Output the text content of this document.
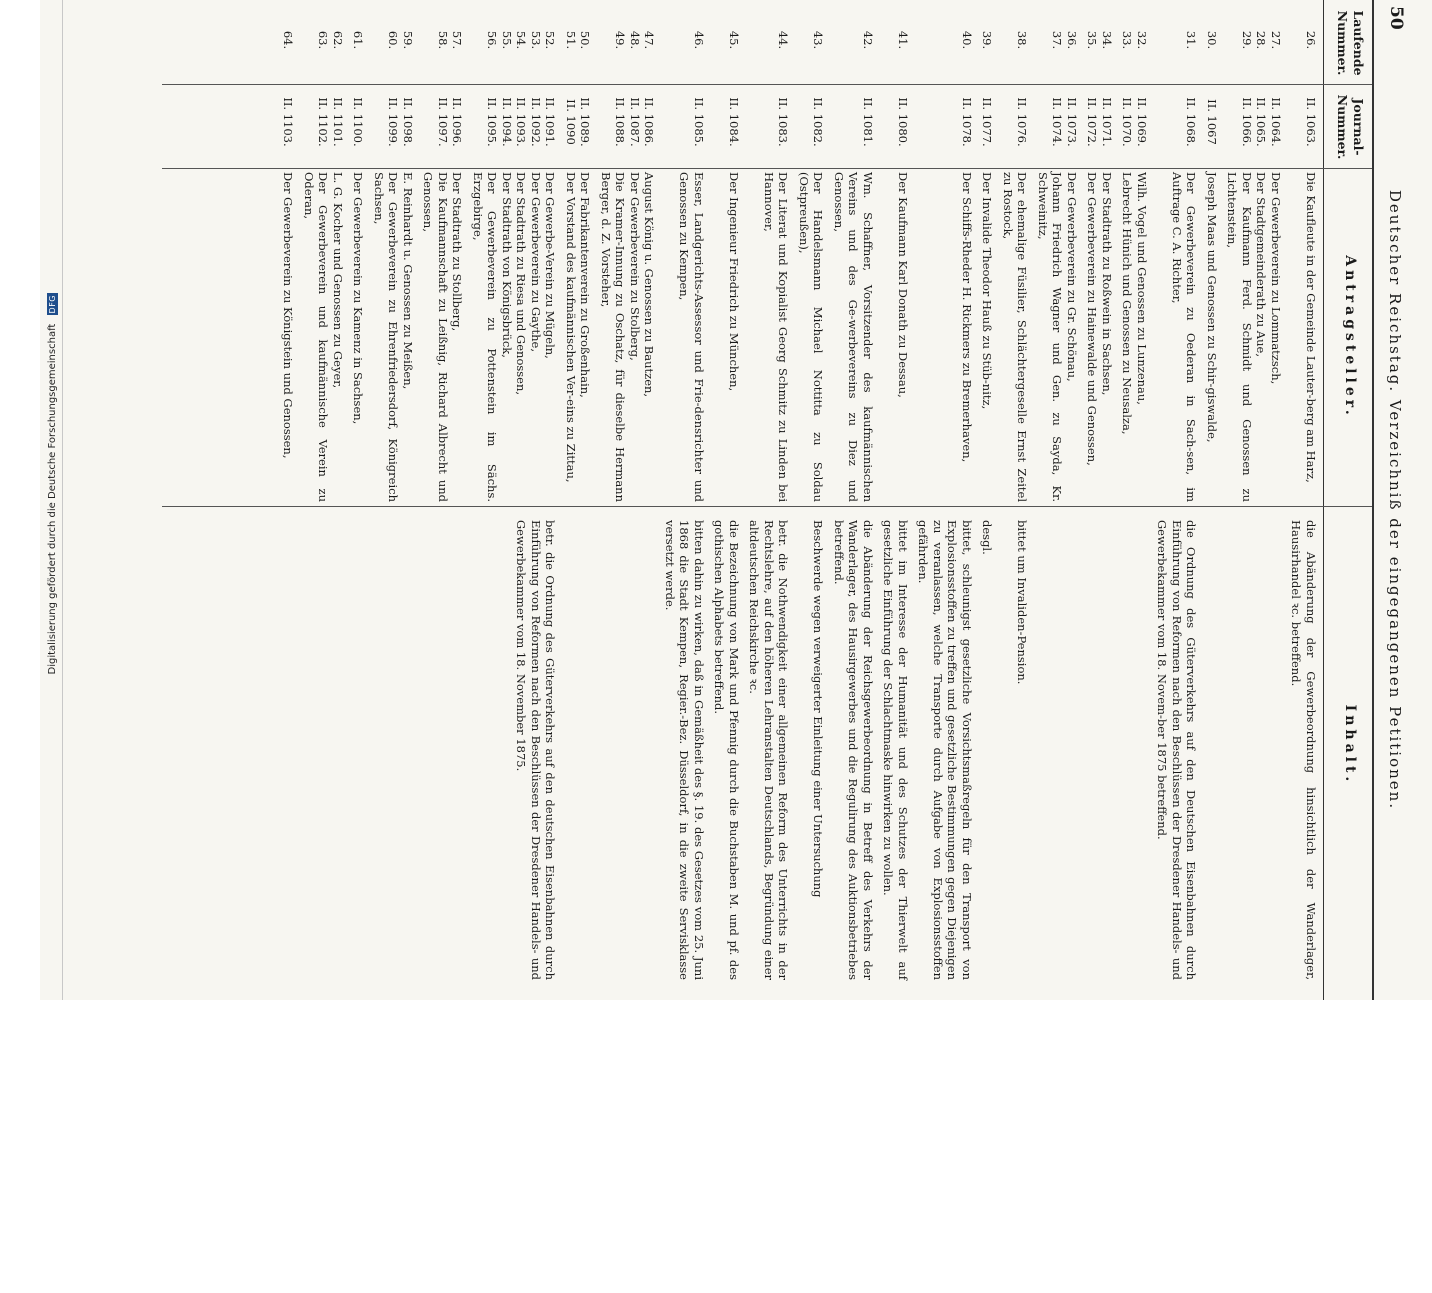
50
Deutscher Reichstag. Verzeichniß der eingegangenen Petitionen.
Laufende
Nummer.
Journal-
Nummer.
Antragsteller.
Inhalt.
26.
II. 1063.
Die Kaufleute in der Gemeinde Lauter-berg am Harz,
die Abänderung der Gewerbeordnung hinsichtlich der Wanderlager, Hausirhandel ꝛc. betreffend.
27.
28.
29.
II. 1064.
II. 1065.
II. 1066.
Der Gewerbeverein zu Lommatzsch,
Der Stadtgemeinderath zu Aue,
Der Kaufmann Ferd. Schmidt und Genossen zu Lichtenstein,
30.
II. 1067
Joseph Maas und Genossen zu Schir-giswalde,
31.
II. 1068.
Der Gewerbeverein zu Oederan in Sach-sen, im Auftrage C. A. Richter,
die Ordnung des Güterverkehrs auf den Deutschen Eisenbahnen durch Einführung von Reformen nach den Beschlüssen der Dresdener Handels- und Gewerbekammer vom 18. Novem-ber 1875 betreffend.
32.
33.
II. 1069.
II. 1070.
Wilh. Vogel und Genossen zu Lunzenau,
Lebrecht Hünich und Genossen zu Neusalza,
34.
35.
II. 1071.
II. 1072.
Der Stadtrath zu Roßwein in Sachsen,
Der Gewerbeverein zu Hainewalde und Genossen,
36.
37.
II. 1073.
II. 1074.
Der Gewerbeverein zu Gr. Schönau,
Johann Friedrich Wagner und Gen. zu Sayda, Kr. Schweinitz,
38.
II. 1076.
Der ehemalige Füsilier, Schlächtergeselle Ernst Zeitel zu Rostock,
bittet um Invaliden-Pension.
39.
II. 1077.
Der Invalide Theodor Hauß zu Stüb-nitz,
desgl.
40.
II. 1078.
Der Schiffs-Rheder H. Rickmers zu Bremerhaven,
bittet, schleunigst gesetzliche Vorsichtsmaßregeln für den Transport von Explosionsstoffen zu treffen und gesetzliche Bestimmungen gegen Diejenigen zu veranlassen, welche Transporte durch Aufgabe von Explosionsstoffen gefährden.
41.
II. 1080.
Der Kaufmann Karl Donath zu Dessau,
bittet im Interesse der Humanität und des Schutzes der Thierwelt auf gesetzliche Einführung der Schlachtmaske hinwirken zu wollen.
42.
II. 1081.
Wm. Schaffner, Vorsitzender des kaufmännischen Vereins und des Ge-werbevereins zu Diez und Genossen,
die Abänderung der Reichsgewerbeordnung in Betreff des Verkehrs der Wanderlager, des Hausirgewerbes und die Regulirung des Auktionsbetriebes betreffend.
43.
II. 1082.
Der Handelsmann Michael Nottitta zu Soldau (Ostpreußen),
Beschwerde wegen verweigerter Einleitung einer Untersuchung
44.
II. 1083.
Der Literat und Kopialist Georg Schmitz zu Linden bei Hannover,
betr. die Nothwendigkeit einer allgemeinen Reform des Unterrichts in der Rechtslehre, auf den höheren Lehranstalten Deutschlands, Begründung einer altdeutschen Reichskirche ꝛc.
45.
II. 1084.
Der Ingenieur Friedrich zu München,
die Bezeichnung von Mark und Pfennig durch die Buchstaben M. und pf. des gothischen Alphabets betreffend.
46.
II. 1085.
Esser, Landgerichts-Assessor und Frie-densrichter und Genossen zu Kempen,
bitten dahin zu wirken, daß in Gemäßheit des §. 19. des Gesetzes vom 25. Juni 1868 die Stadt Kempen, Regier.-Bez. Düsseldorf, in die zweite Servisklasse versetzt werde.
47.
48.
49.
II. 1086.
II. 1087.
II. 1088.
August König u. Genossen zu Bautzen,
Der Gewerbeverein zu Stolberg,
Die Kramer-Innung zu Oschatz, für dieselbe Hermann Berger, d. Z. Vorsteher,
50.
51.
II. 1089.
II. 1090
Der Fabrikantenverein zu Großenhain,
Der Vorstand des kaufmännischen Ver-eins zu Zittau,
52.
53.
54.
55.
56.
II. 1091.
II. 1092.
II. 1093.
II. 1094.
II. 1095.
Der Gewerbe-Verein zu Mügeln,
Der Gewerbeverein zu Gaythe,
Der Stadtrath zu Riesa und Genossen,
Der Stadtrath von Königsbrück,
Der Gewerbeverein zu Pottenstein im Sächs. Erzgebirge,
betr. die Ordnung des Güterverkehrs auf den deutschen Eisenbahnen durch Einführung von Reformen nach den Beschlüssen der Dresdener Handels- und Gewerbekammer vom 18. November 1875.
57.
58.
II. 1096.
II. 1097.
Der Stadtrath zu Stollberg,
Die Kaufmannschaft zu Leißnig, Richard Albrecht und Genossen,
59.
60.
II. 1098.
II. 1099.
E. Reinhardt u. Genossen zu Meißen,
Der Gewerbeverein zu Ehrenfriedersdorf, Königreich Sachsen,
61.
II. 1100.
Der Gewerbeverein zu Kamenz in Sachsen,
62.
63.
II. 1101.
II. 1102.
L. G. Kocher und Genossen zu Geyer,
Der Gewerbeverein und kaufmännische Verein zu Oderan,
64.
II. 1103.
Der Gewerbeverein zu Königstein und Genossen,
Digitalisierung gefördert durch die Deutsche Forschungsgemeinschaft DFG
